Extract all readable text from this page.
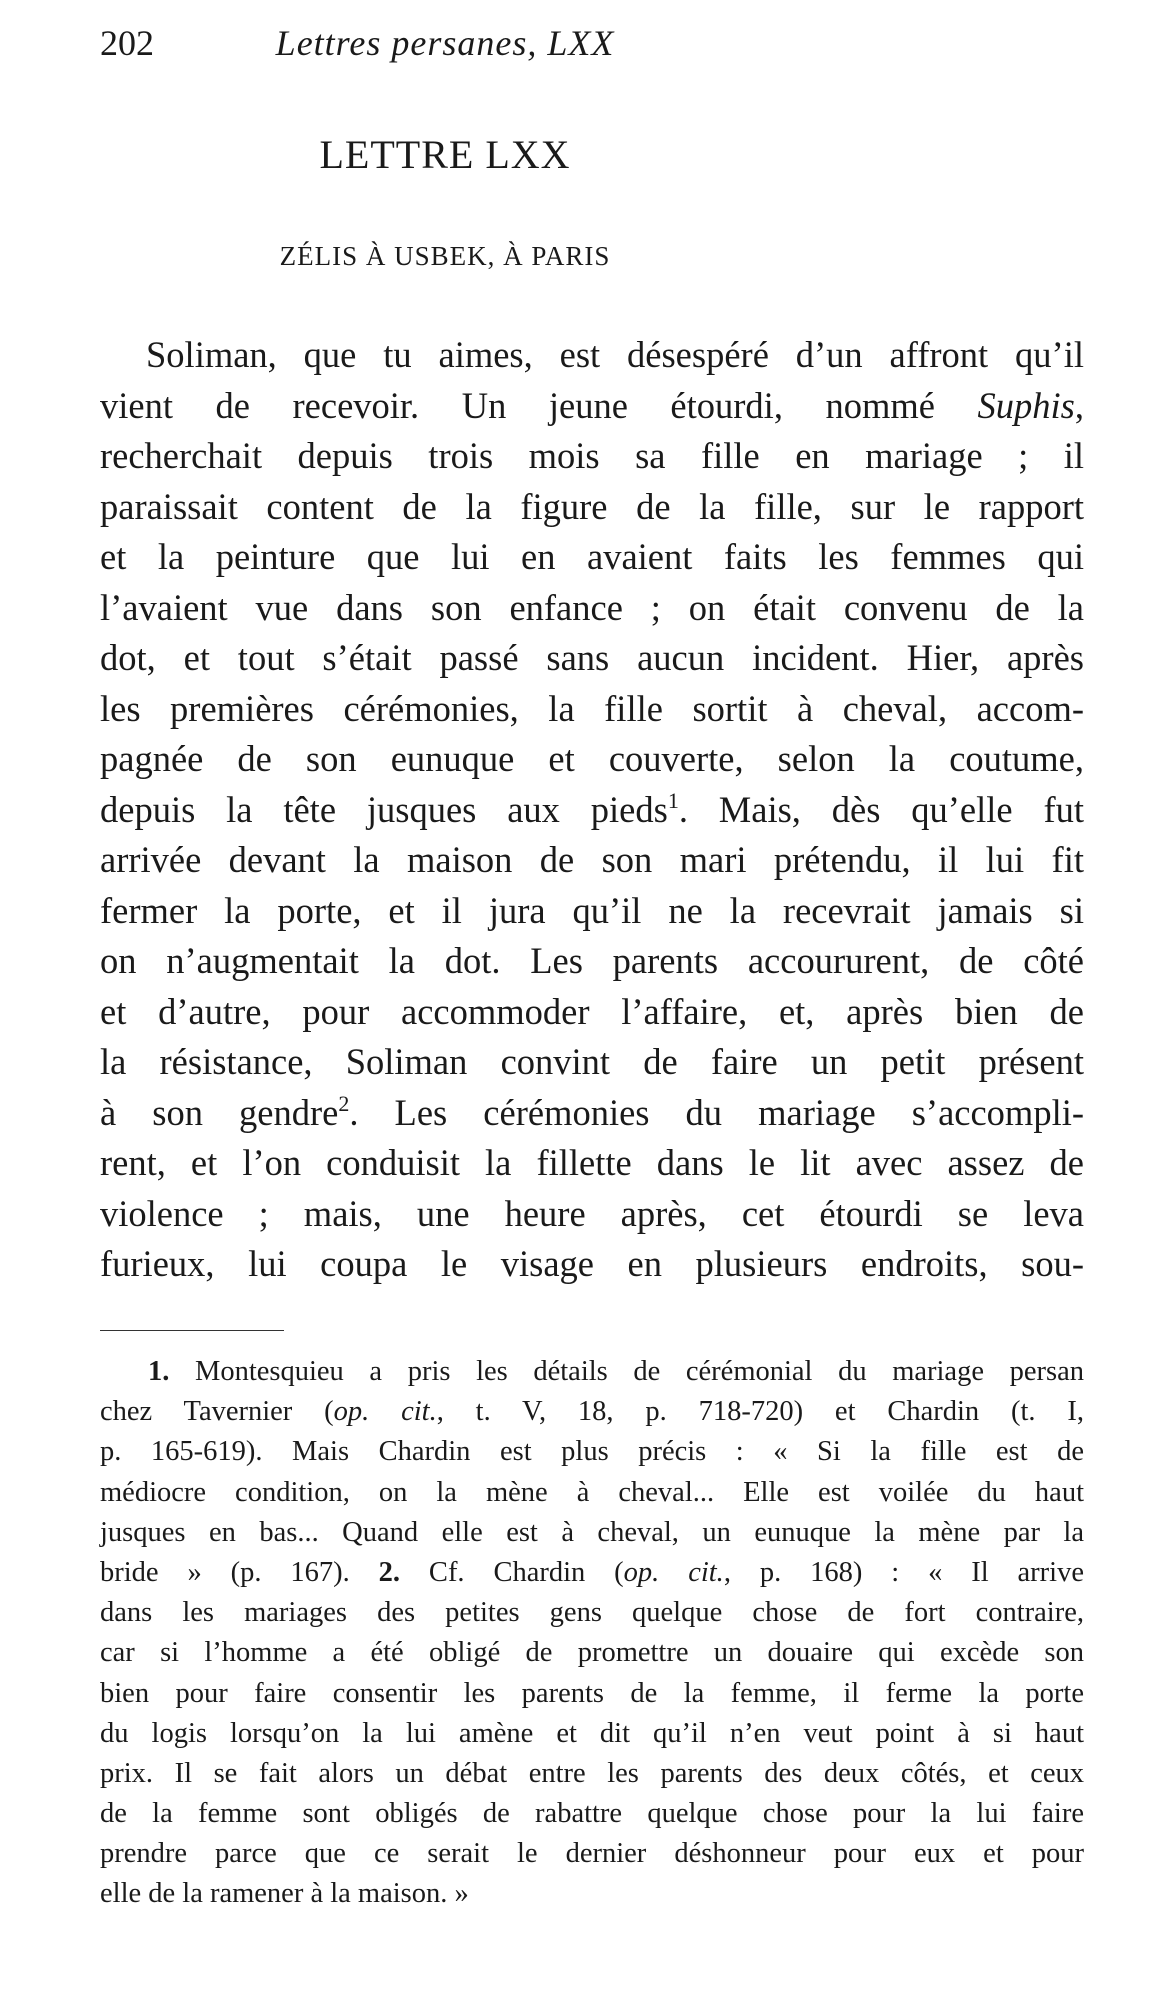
202	Lettres persanes, LXX
LETTRE LXX
ZÉLIS À USBEK, À PARIS
Soliman, que tu aimes, est désespéré d’un affront qu’il
vient de recevoir. Un jeune étourdi, nommé Suphis,
recherchait depuis trois mois sa fille en mariage ; il
paraissait content de la figure de la fille, sur le rapport
et la peinture que lui en avaient faits les femmes qui
l’avaient vue dans son enfance ; on était convenu de la
dot, et tout s’était passé sans aucun incident. Hier, après
les premières cérémonies, la fille sortit à cheval, accom-
pagnée de son eunuque et couverte, selon la coutume,
depuis la tête jusques aux pieds$^1$. Mais, dès qu’elle fut
arrivée devant la maison de son mari prétendu, il lui fit
fermer la porte, et il jura qu’il ne la recevrait jamais si
on n’augmentait la dot. Les parents accoururent, de côté
et d’autre, pour accommoder l’affaire, et, après bien de
la résistance, Soliman convint de faire un petit présent
à son gendre$^2$. Les cérémonies du mariage s’accompli-
rent, et l’on conduisit la fillette dans le lit avec assez de
violence ; mais, une heure après, cet étourdi se leva
furieux, lui coupa le visage en plusieurs endroits, sou-
1. Montesquieu a pris les détails de cérémonial du mariage persan
chez Tavernier (op. cit., t. V, 18, p. 718-720) et Chardin (t. I,
p. 165-619). Mais Chardin est plus précis : « Si la fille est de
médiocre condition, on la mène à cheval... Elle est voilée du haut
jusques en bas... Quand elle est à cheval, un eunuque la mène par la
bride » (p. 167). 2. Cf. Chardin (op. cit., p. 168) : « Il arrive
dans les mariages des petites gens quelque chose de fort contraire,
car si l’homme a été obligé de promettre un douaire qui excède son
bien pour faire consentir les parents de la femme, il ferme la porte
du logis lorsqu’on la lui amène et dit qu’il n’en veut point à si haut
prix. Il se fait alors un débat entre les parents des deux côtés, et ceux
de la femme sont obligés de rabattre quelque chose pour la lui faire
prendre parce que ce serait le dernier déshonneur pour eux et pour
elle de la ramener à la maison. »
